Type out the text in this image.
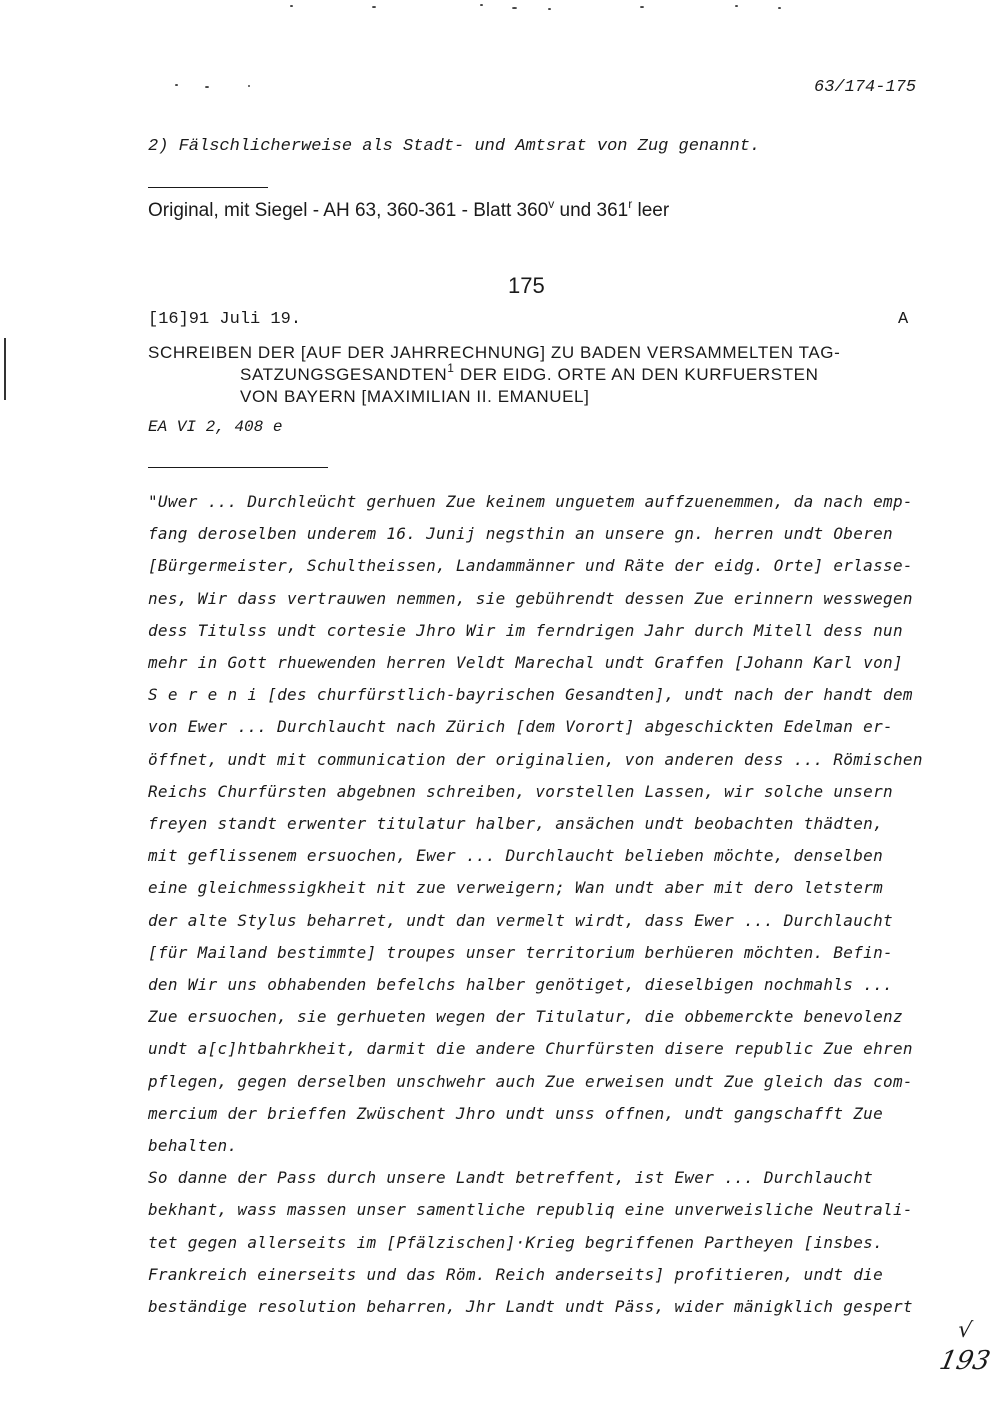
63/174-175
2) Fälschlicherweise als Stadt- und Amtsrat von Zug genannt.
Original, mit Siegel - AH 63, 360-361 - Blatt 360$^v$ und 361$^r$ leer
175
[16]91 Juli 19.	A
SCHREIBEN DER [AUF DER JAHRRECHNUNG] ZU BADEN VERSAMMELTEN TAG-
SATZUNGSGESANDTEN$^1$ DER EIDG. ORTE AN DEN KURFUERSTEN
VON BAYERN [MAXIMILIAN II. EMANUEL]
EA VI 2, 408 e
"Uwer ... Durchleücht gerhuen Zue keinem unguetem auffzuenemmen, da nach emp-
fang deroselben underem 16. Junij negsthin an unsere gn. herren undt Oberen
[Bürgermeister, Schultheissen, Landammänner und Räte der eidg. Orte] erlasse-
nes, Wir dass vertrauwen nemmen, sie gebührendt dessen Zue erinnern wesswegen
dess Titulss undt cortesie Jhro Wir im ferndrigen Jahr durch Mitell dess nun
mehr in Gott rhuewenden herren Veldt Marechal undt Graffen [Johann Karl von]
S e r e n i [des churfürstlich-bayrischen Gesandten], undt nach der handt dem
von Ewer ... Durchlaucht nach Zürich [dem Vorort] abgeschickten Edelman er-
öffnet, undt mit communication der originalien, von anderen dess ... Römischen
Reichs Churfürsten abgebnen schreiben, vorstellen Lassen, wir solche unsern
freyen standt erwenter titulatur halber, ansächen undt beobachten thädten,
mit geflissenem ersuochen, Ewer ... Durchlaucht belieben möchte, denselben
eine gleichmessigkheit nit zue verweigern; Wan undt aber mit dero letsterm
der alte Stylus beharret, undt dan vermelt wirdt, dass Ewer ... Durchlaucht
[für Mailand bestimmte] troupes unser territorium berhüeren möchten. Befin-
den Wir uns obhabenden befelchs halber genötiget, dieselbigen nochmahls ...
Zue ersuochen, sie gerhueten wegen der Titulatur, die obbemerckte benevolenz
undt a[c]htbahrkheit, darmit die andere Churfürsten disere republic Zue ehren
pflegen, gegen derselben unschwehr auch Zue erweisen undt Zue gleich das com-
mercium der brieffen Zwüschent Jhro undt unss offnen, undt gangschafft Zue
behalten.
So danne der Pass durch unsere Landt betreffent, ist Ewer ... Durchlaucht
bekhant, wass massen unser samentliche republiq eine unverweisliche Neutrali-
tet gegen allerseits im [Pfälzischen]·Krieg begriffenen Partheyen [insbes.
Frankreich einerseits und das Röm. Reich anderseits] profitieren, undt die
beständige resolution beharren, Jhr Landt undt Päss, wider mänigklich gespert
√
193
